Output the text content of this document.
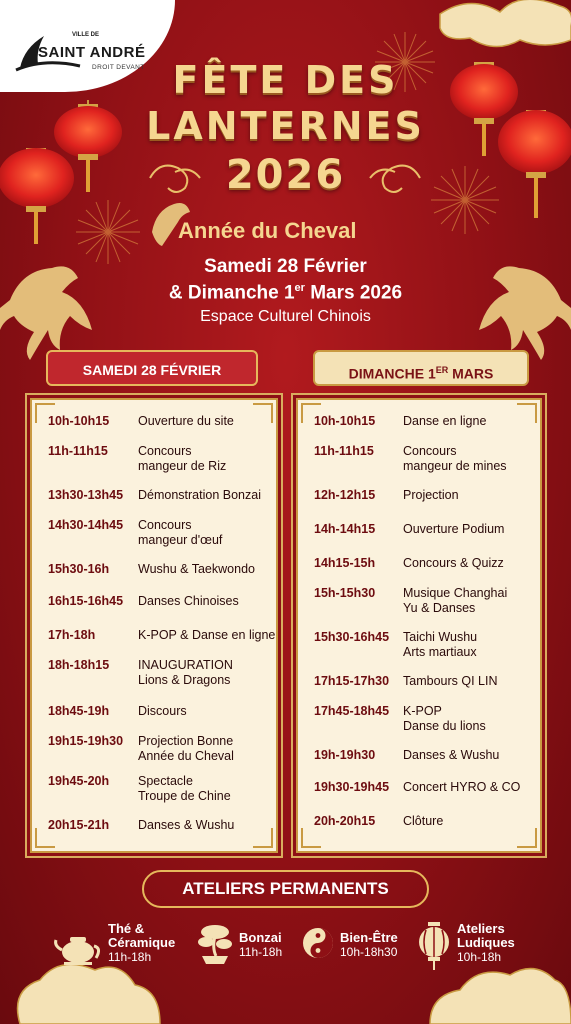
VILLE DE
SAINT ANDRÉ
DROIT DEVANT FÊTE DES
LANTERNES
2026
Année du Cheval
Samedi 28 Février
& Dimanche 1er Mars 2026
Espace Culturel Chinois
SAMEDI 28 FÉVRIER	DIMANCHE 1ER MARS
10h-10h15 Ouverture du site
11h-11h15 Concours
mangeur de Riz
13h30-13h45 Démonstration Bonzai
14h30-14h45 Concours
mangeur d'œuf
15h30-16h Wushu & Taekwondo
16h15-16h45 Danses Chinoises
17h-18h	K-POP & Danse en ligne
18h-18h15 INAUGURATION
Lions & Dragons
18h45-19h Discours
19h15-19h30 Projection Bonne
Année du Cheval
19h45-20h Spectacle
Troupe de Chine
20h15-21h Danses & Wushu
10h-10h15 Danse en ligne
11h-11h15 Concours
mangeur de mines
12h-12h15 Projection
14h-14h15 Ouverture Podium
14h15-15h Concours & Quizz
15h-15h30 Musique Changhai
Yu & Danses
15h30-16h45 Taichi Wushu
Arts martiaux
17h15-17h30 Tambours QI LIN
17h45-18h45 K-POP
Danse du lions
19h-19h30 Danses & Wushu
19h30-19h45 Concert HYRO & CO
20h-20h15 Clôture
ATELIERS PERMANENTS
Thé &
Céramique
11h-18h
Bonzai
11h-18h
Bien-Être
10h-18h30
Ateliers
Ludiques
10h-18h
